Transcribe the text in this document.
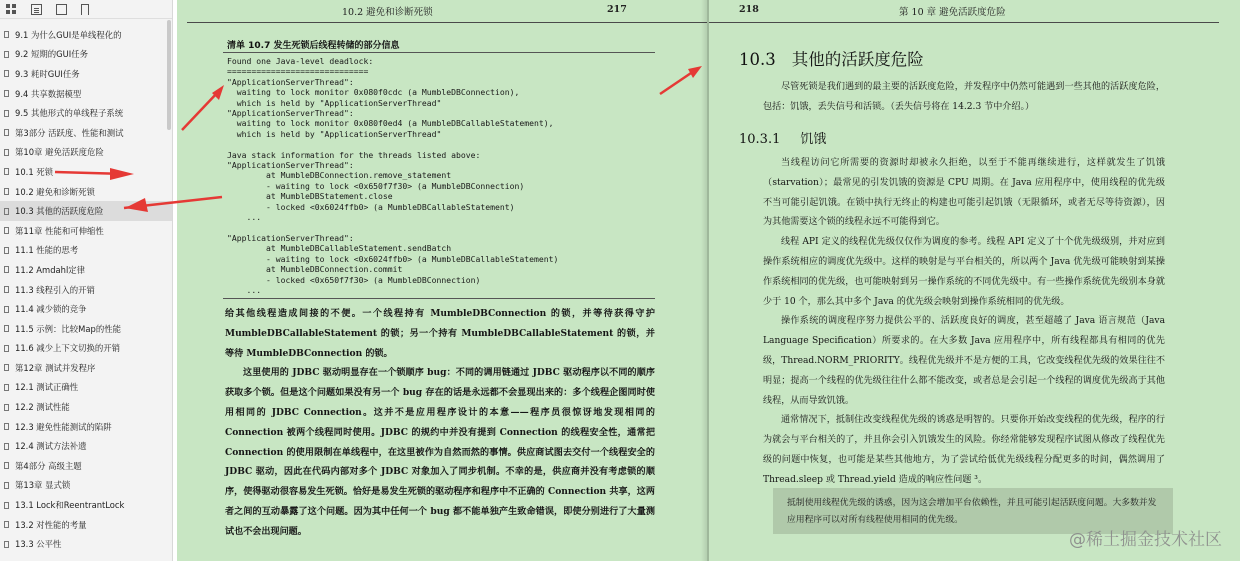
9.1 为什么GUI是单线程化的
9.2 短期的GUI任务
9.3 耗时GUI任务
9.4 共享数据模型
9.5 其他形式的单线程子系统
第3部分 活跃度、性能和测试
第10章 避免活跃度危险
10.1 死锁
10.2 避免和诊断死锁
10.3 其他的活跃度危险
第11章 性能和可伸缩性
11.1 性能的思考
11.2 Amdahl定律
11.3 线程引入的开销
11.4 减少锁的竞争
11.5 示例：比较Map的性能
11.6 减少上下文切换的开销
第12章 测试并发程序
12.1 测试正确性
12.2 测试性能
12.3 避免性能测试的陷阱
12.4 测试方法补遗
第4部分 高级主题
第13章 显式锁
13.1 Lock和ReentrantLock
13.2 对性能的考量
13.3 公平性
10.2 避免和诊断死锁	217
清单 10.7 发生死锁后线程转储的部分信息
Found one Java-level deadlock:
=============================
"ApplicationServerThread":
waiting to lock monitor 0x080f0cdc (a MumbleDBConnection),
which is held by "ApplicationServerThread"
"ApplicationServerThread":
waiting to lock monitor 0x080f0ed4 (a MumbleDBCallableStatement),
which is held by "ApplicationServerThread"

Java stack information for the threads listed above:
"ApplicationServerThread":
at MumbleDBConnection.remove_statement
- waiting to lock <0x650f7f30> (a MumbleDBConnection)
at MumbleDBStatement.close
- locked <0x6024ffb0> (a MumbleDBCallableStatement)
...

"ApplicationServerThread":
at MumbleDBCallableStatement.sendBatch
- waiting to lock <0x6024ffb0> (a MumbleDBCallableStatement)
at MumbleDBConnection.commit
- locked <0x650f7f30> (a MumbleDBConnection)
...

给其他线程造成间接的不便。一个线程持有 MumbleDBConnection 的锁，并等待获得守护 MumbleDBCallableStatement 的锁；另一个持有 MumbleDBCallableStatement 的锁，并等待 MumbleDBConnection 的锁。

这里使用的 JDBC 驱动明显存在一个锁顺序 bug：不同的调用链通过 JDBC 驱动程序以不同的顺序获取多个锁。但是这个问题如果没有另一个 bug 存在的话是永远都不会显现出来的：多个线程企图同时使用相同的 JDBC Connection。这并不是应用程序设计的本意——程序员很惊讶地发现相同的 Connection 被两个线程同时使用。JDBC 的规约中并没有提到 Connection 的线程安全性，通常把 Connection 的使用限制在单线程中，在这里被作为自然而然的事情。供应商试图去交付一个线程安全的 JDBC 驱动，因此在代码内部对多个 JDBC 对象加入了同步机制。不幸的是，供应商并没有考虑锁的顺序，使得驱动很容易发生死锁。恰好是易发生死锁的驱动程序和程序中不正确的 Connection 共享，这两者之间的互动暴露了这个问题。因为其中任何一个 bug 都不能单独产生致命错误，即使分别进行了大量测试也不会出现问题。

218	第 10 章 避免活跃度危险
10.3 其他的活跃度危险

尽管死锁是我们遇到的最主要的活跃度危险，并发程序中仍然可能遇到一些其他的活跃度危险，包括：饥饿，丢失信号和活锁。（丢失信号将在 14.2.3 节中介绍。）

10.3.1 饥饿

当线程访问它所需要的资源时却被永久拒绝，以至于不能再继续进行，这样就发生了饥饿（starvation）；最常见的引发饥饿的资源是 CPU 周期。在 Java 应用程序中，使用线程的优先级不当可能引起饥饿。在锁中执行无终止的构建也可能引起饥饿（无限循环，或者无尽等待资源），因为其他需要这个锁的线程永远不可能得到它。

线程 API 定义的线程优先级仅仅作为调度的参考。线程 API 定义了十个优先级级别，并对应到操作系统相应的调度优先级中。这样的映射是与平台相关的，所以两个 Java 优先级可能映射到某操作系统相同的优先级，也可能映射到另一操作系统的不同优先级中。有一些操作系统优先级别本身就少于 10 个，那么其中多个 Java 的优先级会映射到操作系统相同的优先级。

操作系统的调度程序努力提供公平的、活跃度良好的调度，甚至超越了 Java 语言规范（Java Language Specification）所要求的。在大多数 Java 应用程序中，所有线程都具有相同的优先级，Thread.NORM_PRIORITY。线程优先级并不是方便的工具，它改变线程优先级的效果往往不明显；提高一个线程的优先级往往什么都不能改变，或者总是会引起一个线程的调度优先级高于其他线程，从而导致饥饿。

通常情况下，抵制住改变线程优先级的诱惑是明智的。只要你开始改变线程的优先级，程序的行为就会与平台相关的了，并且你会引入饥饿发生的风险。你经常能够发现程序试图从修改了线程优先级的问题中恢复，也可能是某些其他地方，为了尝试给低优先级线程分配更多的时间，偶然调用了 Thread.sleep 或 Thread.yield 造成的响应性问题 ³。

抵制使用线程优先级的诱惑，因为这会增加平台依赖性，并且可能引起活跃度问题。大多数并发应用程序可以对所有线程使用相同的优先级。

@稀土掘金技术社区
